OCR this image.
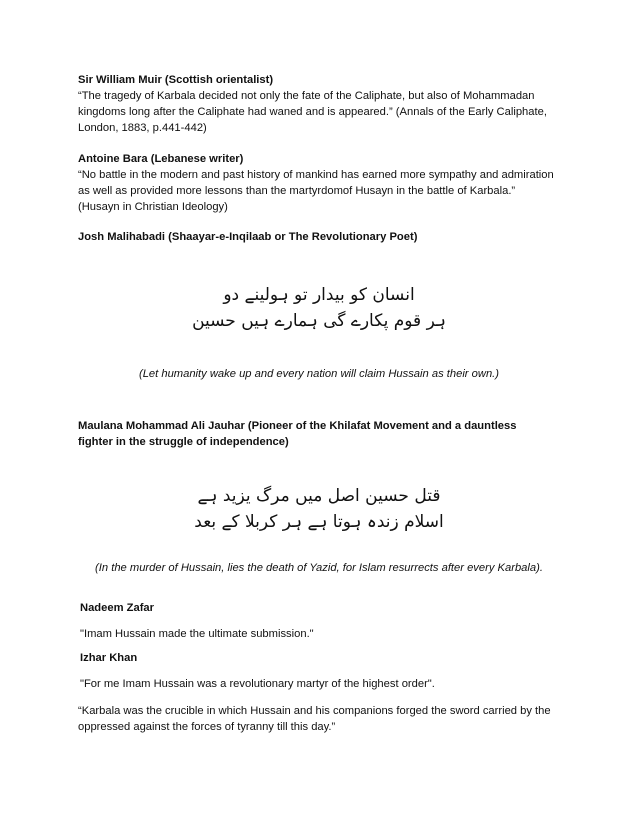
Sir William Muir (Scottish orientalist)
“The tragedy of Karbala decided not only the fate of the Caliphate, but also of Mohammadan
kingdoms long after the Caliphate had waned and is appeared.” (Annals of the Early Caliphate,
London, 1883, p.441-442)
Antoine Bara (Lebanese writer)
“No battle in the modern and past history of mankind has earned more sympathy and admiration
as well as provided more lessons than the martyrdomof Husayn in the battle of Karbala.”
(Husayn in Christian Ideology)
Josh Malihabadi (Shaayar-e-Inqilaab or The Revolutionary Poet)
انسان کو بیدار تو ہولینے دو
ہر قوم پکارے گی ہمارے ہیں حسین
(Let humanity wake up and every nation will claim Hussain as their own.)
Maulana Mohammad Ali Jauhar (Pioneer of the Khilafat Movement and a dauntless
fighter in the struggle of independence)
قتل حسین اصل میں مرگ یزید ہے
اسلام زندہ ہوتا ہے ہر کربلا کے بعد
(In the murder of Hussain, lies the death of Yazid, for Islam resurrects after every Karbala).
Nadeem Zafar
"Imam Hussain made the ultimate submission."
Izhar Khan
"For me Imam Hussain was a revolutionary martyr of the highest order".
“Karbala was the crucible in which Hussain and his companions forged the sword carried by the
oppressed against the forces of tyranny till this day.”
